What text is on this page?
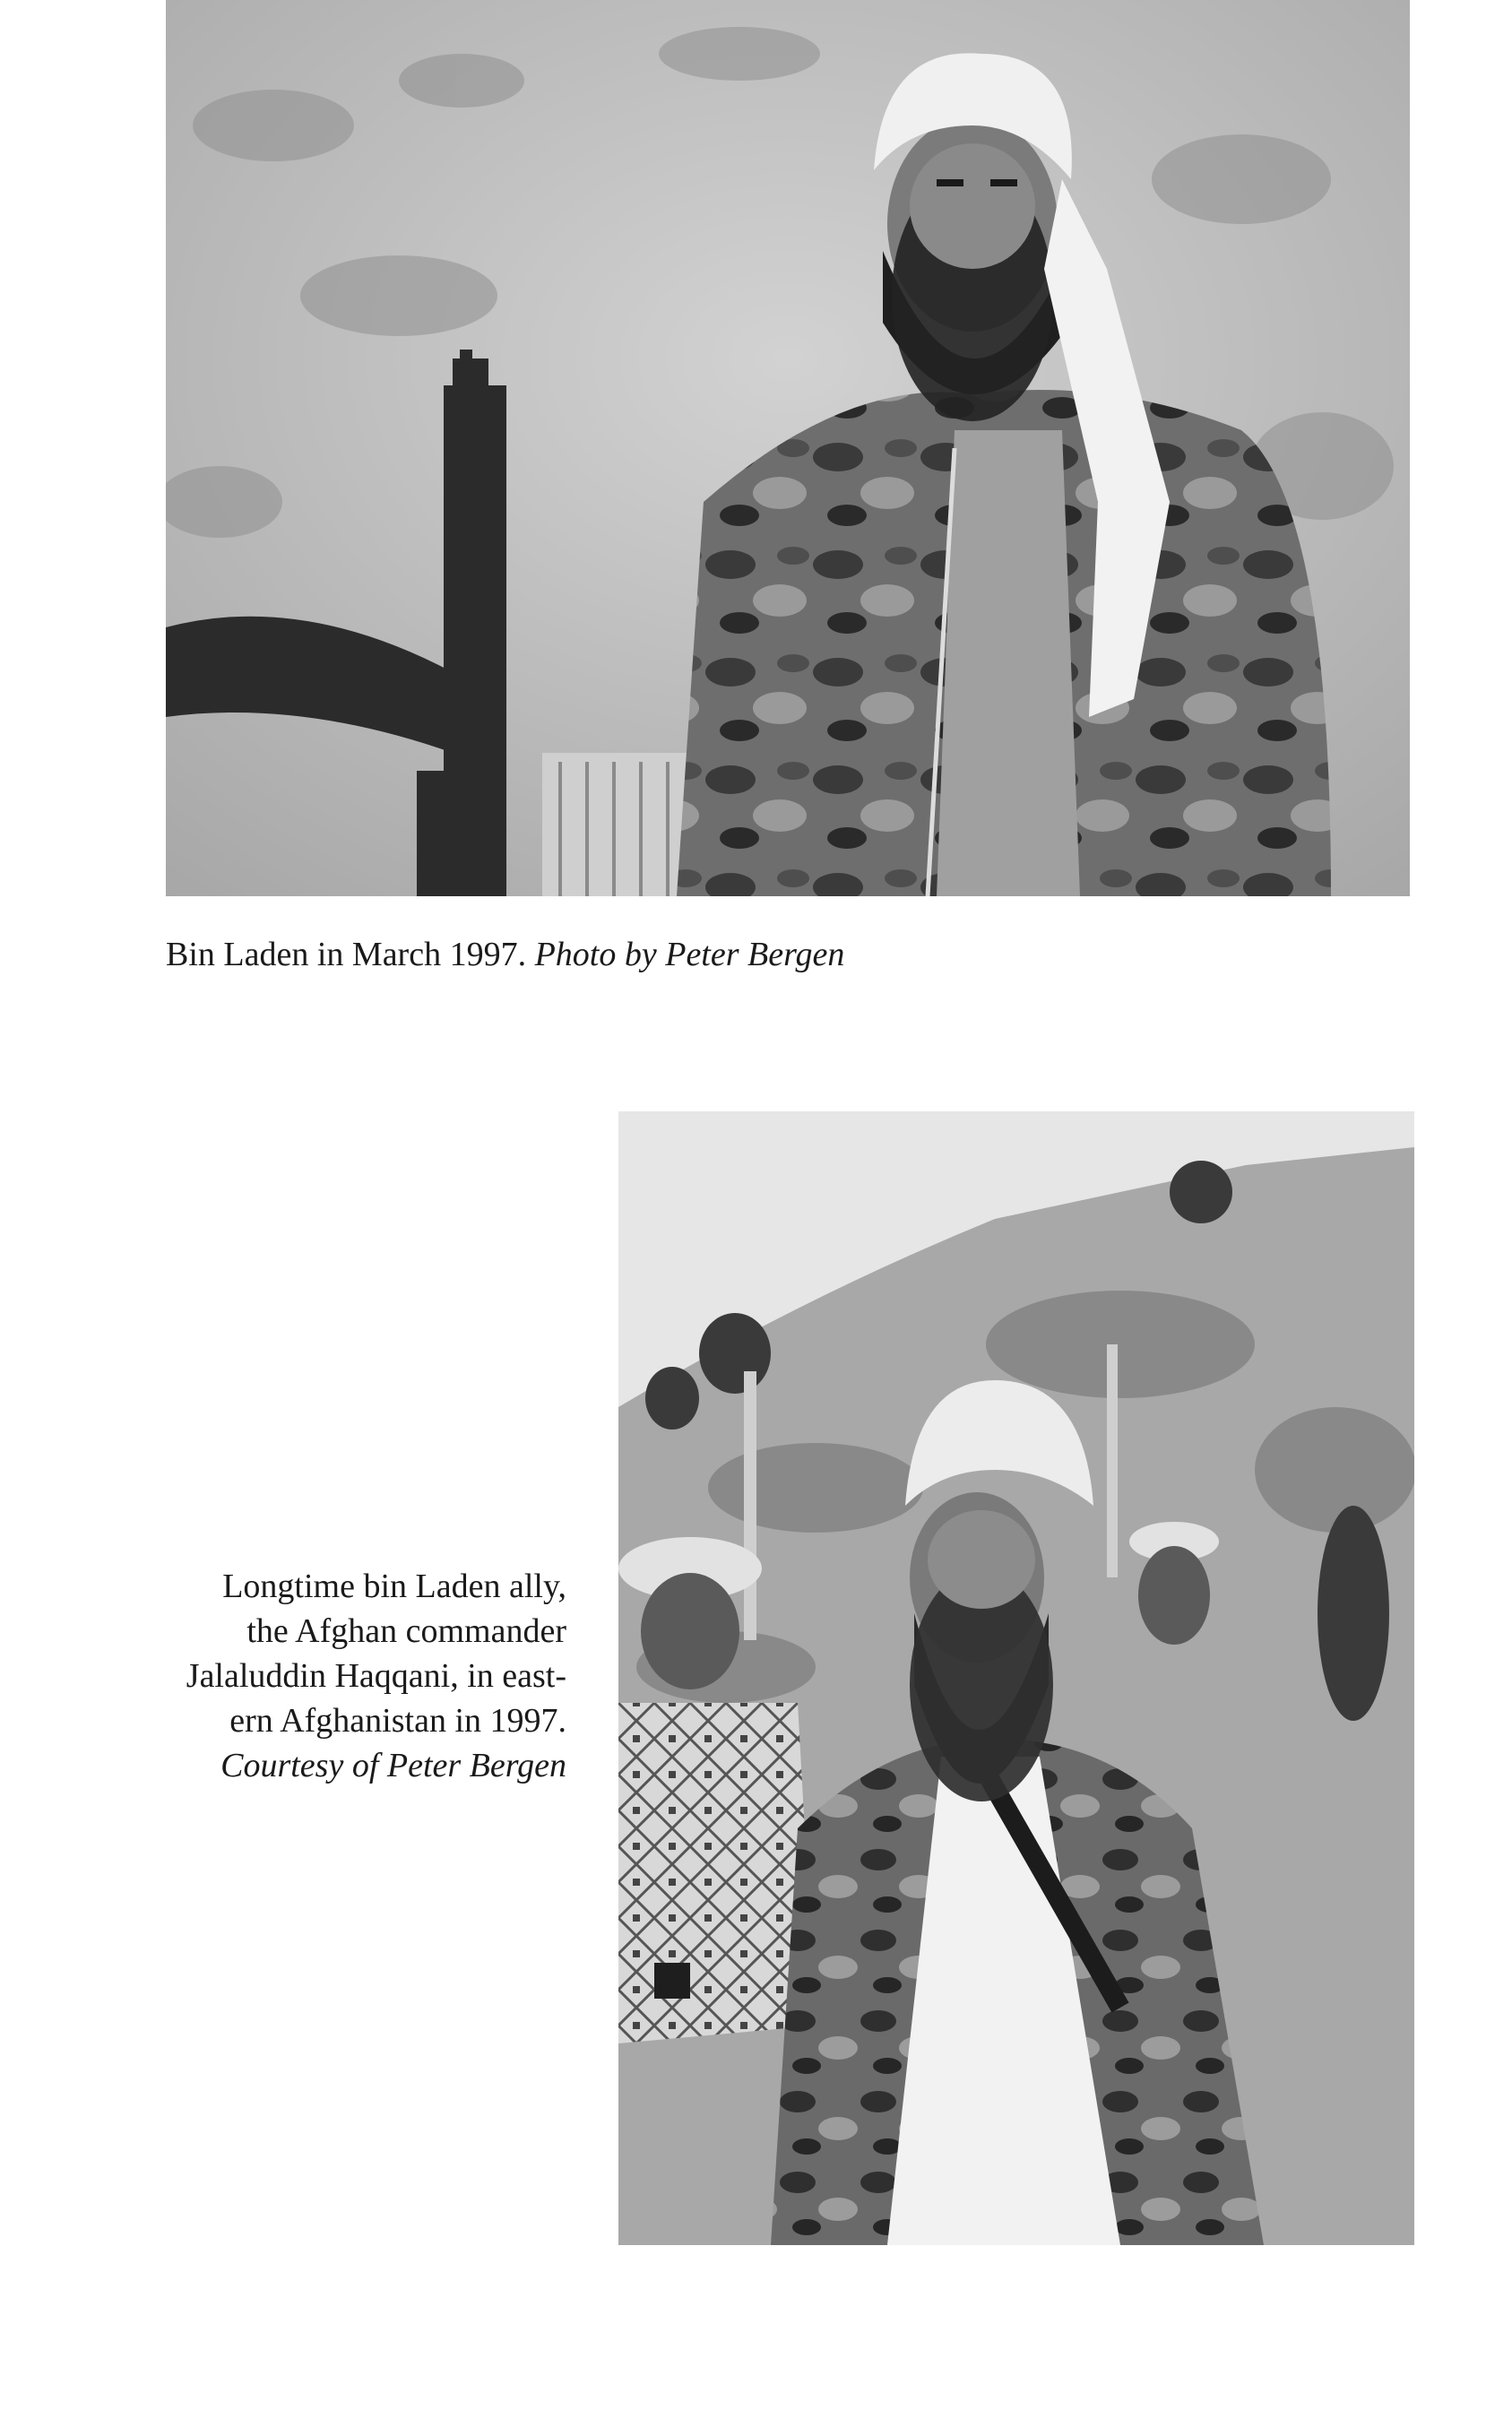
Bin Laden in March 1997. Photo by Peter Bergen
Longtime bin Laden ally,
the Afghan commander
Jalaluddin Haqqani, in east-
ern Afghanistan in 1997.
Courtesy of Peter Bergen
